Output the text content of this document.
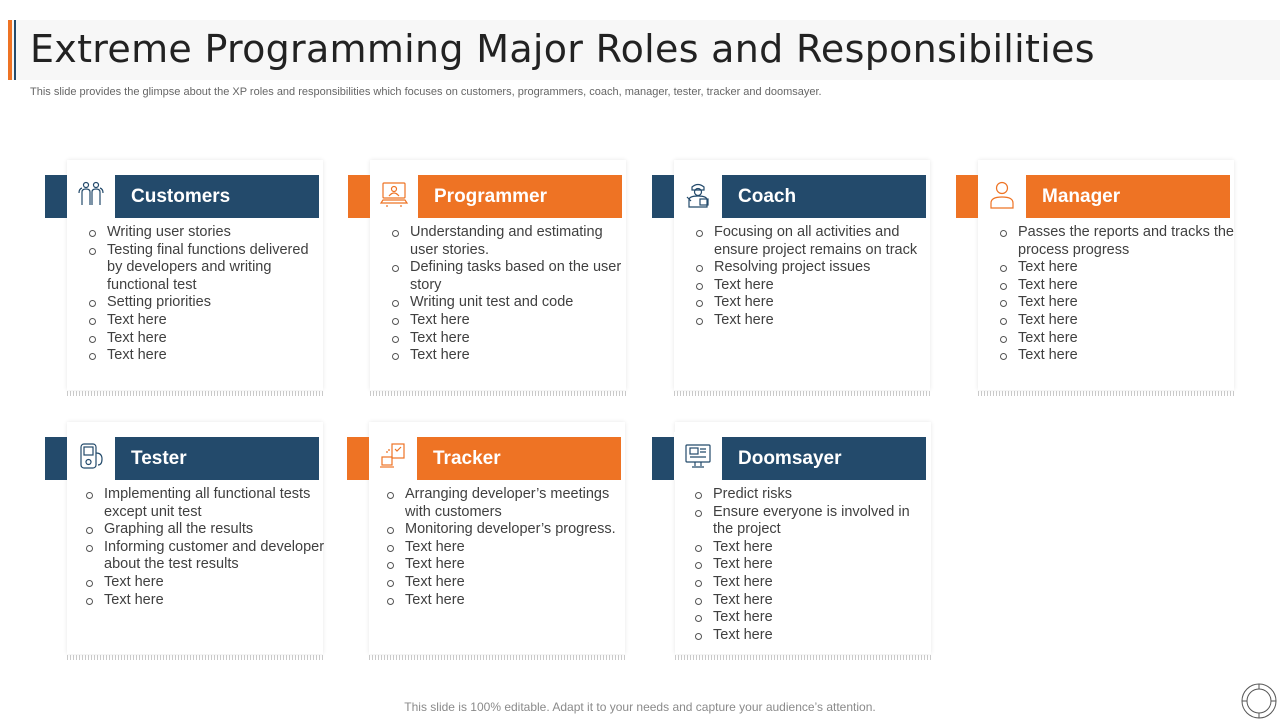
Extreme Programming Major Roles and Responsibilities
This slide provides the glimpse about the XP roles and responsibilities which focuses on customers, programmers, coach, manager, tester, tracker and doomsayer.
Customers
Writing user stories
Testing final functions delivered by developers and writing functional test
Setting priorities
Text here
Text here
Text here
Programmer
Understanding and estimating user stories.
Defining tasks based on the user story
Writing unit test and code
Text here
Text here
Text here
Coach
Focusing on all activities and ensure project remains on track
Resolving project issues
Text here
Text here
Text here
Manager
Passes the reports and tracks the process progress
Text here
Text here
Text here
Text here
Text here
Text here
Tester
Implementing all functional tests except unit test
Graphing all the results
Informing customer and developer about the test results
Text here
Text here
Tracker
Arranging developer’s meetings with customers
Monitoring developer’s progress.
Text here
Text here
Text here
Text here
Doomsayer
Predict risks
Ensure everyone is involved in the project
Text here
Text here
Text here
Text here
Text here
Text here
This slide is 100% editable. Adapt it to your needs and capture your audience’s attention.
